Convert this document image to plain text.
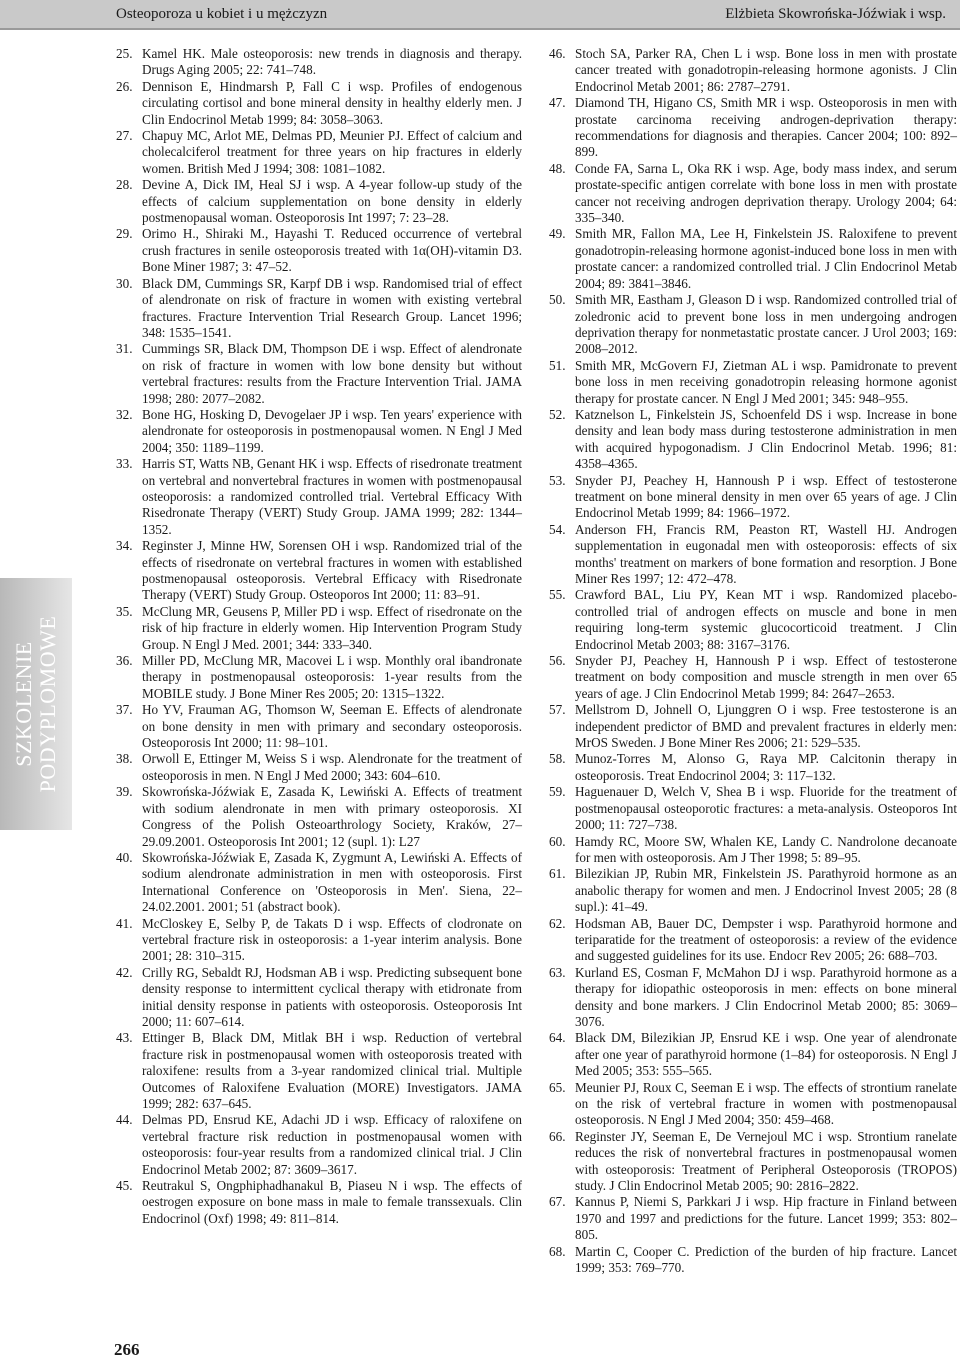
Osteoporoza u kobiet i u mężczyzn	Elżbieta Skowrońska-Jóźwiak i wsp.
SZKOLENIE PODYPLOMOWE
25. Kamel HK. Male osteoporosis: new trends in diagnosis and therapy. Drugs Aging 2005; 22: 741–748.
26. Dennison E, Hindmarsh P, Fall C i wsp. Profiles of endogenous circulating cortisol and bone mineral density in healthy elderly men. J Clin Endocrinol Metab 1999; 84: 3058–3063.
27. Chapuy MC, Arlot ME, Delmas PD, Meunier PJ. Effect of calcium and cholecalciferol treatment for three years on hip fractures in elderly women. British Med J 1994; 308: 1081–1082.
28. Devine A, Dick IM, Heal SJ i wsp. A 4-year follow-up study of the effects of calcium supplementation on bone density in elderly postmenopausal woman. Osteoporosis Int 1997; 7: 23–28.
29. Orimo H., Shiraki M., Hayashi T. Reduced occurrence of vertebral crush fractures in senile osteoporosis treated with 1α(OH)-vitamin D3. Bone Miner 1987; 3: 47–52.
30. Black DM, Cummings SR, Karpf DB i wsp. Randomised trial of effect of alendronate on risk of fracture in women with existing vertebral fractures. Fracture Intervention Trial Research Group. Lancet 1996; 348: 1535–1541.
31. Cummings SR, Black DM, Thompson DE i wsp. Effect of alendronate on risk of fracture in women with low bone density but without vertebral fractures: results from the Fracture Intervention Trial. JAMA 1998; 280: 2077–2082.
32. Bone HG, Hosking D, Devogelaer JP i wsp. Ten years' experience with alendronate for osteoporosis in postmenopausal women. N Engl J Med 2004; 350: 1189–1199.
33. Harris ST, Watts NB, Genant HK i wsp. Effects of risedronate treatment on vertebral and nonvertebral fractures in women with postmenopausal osteoporosis: a randomized controlled trial. Vertebral Efficacy With Risedronate Therapy (VERT) Study Group. JAMA 1999; 282: 1344–1352.
34. Reginster J, Minne HW, Sorensen OH i wsp. Randomized trial of the effects of risedronate on vertebral fractures in women with established postmenopausal osteoporosis. Vertebral Efficacy with Risedronate Therapy (VERT) Study Group. Osteoporos Int 2000; 11: 83–91.
35. McClung MR, Geusens P, Miller PD i wsp. Effect of risedronate on the risk of hip fracture in elderly women. Hip Intervention Program Study Group. N Engl J Med. 2001; 344: 333–340.
36. Miller PD, McClung MR, Macovei L i wsp. Monthly oral ibandronate therapy in postmenopausal osteoporosis: 1-year results from the MOBILE study. J Bone Miner Res 2005; 20: 1315–1322.
37. Ho YV, Frauman AG, Thomson W, Seeman E. Effects of alendronate on bone density in men with primary and secondary osteoporosis. Osteoporosis Int 2000; 11: 98–101.
38. Orwoll E, Ettinger M, Weiss S i wsp. Alendronate for the treatment of osteoporosis in men. N Engl J Med 2000; 343: 604–610.
39. Skowrońska-Jóźwiak E, Zasada K, Lewiński A. Effects of treatment with sodium alendronate in men with primary osteoporosis. XI Congress of the Polish Osteoarthrology Society, Kraków, 27–29.09.2001. Osteoporosis Int 2001; 12 (supl. 1): L27
40. Skowrońska-Jóźwiak E, Zasada K, Zygmunt A, Lewiński A. Effects of sodium alendronate administration in men with osteoporosis. First International Conference on 'Osteoporosis in Men'. Siena, 22–24.02.2001. 2001; 51 (abstract book).
41. McCloskey E, Selby P, de Takats D i wsp. Effects of clodronate on vertebral fracture risk in osteoporosis: a 1-year interim analysis. Bone 2001; 28: 310–315.
42. Crilly RG, Sebaldt RJ, Hodsman AB i wsp. Predicting subsequent bone density response to intermittent cyclical therapy with etidronate from initial density response in patients with osteoporosis. Osteoporosis Int 2000; 11: 607–614.
43. Ettinger B, Black DM, Mitlak BH i wsp. Reduction of vertebral fracture risk in postmenopausal women with osteoporosis treated with raloxifene: results from a 3-year randomized clinical trial. Multiple Outcomes of Raloxifene Evaluation (MORE) Investigators. JAMA 1999; 282: 637–645.
44. Delmas PD, Ensrud KE, Adachi JD i wsp. Efficacy of raloxifene on vertebral fracture risk reduction in postmenopausal women with osteoporosis: four-year results from a randomized clinical trial. J Clin Endocrinol Metab 2002; 87: 3609–3617.
45. Reutrakul S, Ongphiphadhanakul B, Piaseu N i wsp. The effects of oestrogen exposure on bone mass in male to female transsexuals. Clin Endocrinol (Oxf) 1998; 49: 811–814.
46. Stoch SA, Parker RA, Chen L i wsp. Bone loss in men with prostate cancer treated with gonadotropin-releasing hormone agonists. J Clin Endocrinol Metab 2001; 86: 2787–2791.
47. Diamond TH, Higano CS, Smith MR i wsp. Osteoporosis in men with prostate carcinoma receiving androgen-deprivation therapy: recommendations for diagnosis and therapies. Cancer 2004; 100: 892–899.
48. Conde FA, Sarna L, Oka RK i wsp. Age, body mass index, and serum prostate-specific antigen correlate with bone loss in men with prostate cancer not receiving androgen deprivation therapy. Urology 2004; 64: 335–340.
49. Smith MR, Fallon MA, Lee H, Finkelstein JS. Raloxifene to prevent gonadotropin-releasing hormone agonist-induced bone loss in men with prostate cancer: a randomized controlled trial. J Clin Endocrinol Metab 2004; 89: 3841–3846.
50. Smith MR, Eastham J, Gleason D i wsp. Randomized controlled trial of zoledronic acid to prevent bone loss in men undergoing androgen deprivation therapy for nonmetastatic prostate cancer. J Urol 2003; 169: 2008–2012.
51. Smith MR, McGovern FJ, Zietman AL i wsp. Pamidronate to prevent bone loss in men receiving gonadotropin releasing hormone agonist therapy for prostate cancer. N Engl J Med 2001; 345: 948–955.
52. Katznelson L, Finkelstein JS, Schoenfeld DS i wsp. Increase in bone density and lean body mass during testosterone administration in men with acquired hypogonadism. J Clin Endocrinol Metab. 1996; 81: 4358–4365.
53. Snyder PJ, Peachey H, Hannoush P i wsp. Effect of testosterone treatment on bone mineral density in men over 65 years of age. J Clin Endocrinol Metab 1999; 84: 1966–1972.
54. Anderson FH, Francis RM, Peaston RT, Wastell HJ. Androgen supplementation in eugonadal men with osteoporosis: effects of six months' treatment on markers of bone formation and resorption. J Bone Miner Res 1997; 12: 472–478.
55. Crawford BAL, Liu PY, Kean MT i wsp. Randomized placebo-controlled trial of androgen effects on muscle and bone in men requiring long-term systemic glucocorticoid treatment. J Clin Endocrinol Metab 2003; 88: 3167–3176.
56. Snyder PJ, Peachey H, Hannoush P i wsp. Effect of testosterone treatment on body composition and muscle strength in men over 65 years of age. J Clin Endocrinol Metab 1999; 84: 2647–2653.
57. Mellstrom D, Johnell O, Ljunggren O i wsp. Free testosterone is an independent predictor of BMD and prevalent fractures in elderly men: MrOS Sweden. J Bone Miner Res 2006; 21: 529–535.
58. Munoz-Torres M, Alonso G, Raya MP. Calcitonin therapy in osteoporosis. Treat Endocrinol 2004; 3: 117–132.
59. Haguenauer D, Welch V, Shea B i wsp. Fluoride for the treatment of postmenopausal osteoporotic fractures: a meta-analysis. Osteoporos Int 2000; 11: 727–738.
60. Hamdy RC, Moore SW, Whalen KE, Landy C. Nandrolone decanoate for men with osteoporosis. Am J Ther 1998; 5: 89–95.
61. Bilezikian JP, Rubin MR, Finkelstein JS. Parathyroid hormone as an anabolic therapy for women and men. J Endocrinol Invest 2005; 28 (8 supl.): 41–49.
62. Hodsman AB, Bauer DC, Dempster i wsp. Parathyroid hormone and teriparatide for the treatment of osteoporosis: a review of the evidence and suggested guidelines for its use. Endocr Rev 2005; 26: 688–703.
63. Kurland ES, Cosman F, McMahon DJ i wsp. Parathyroid hormone as a therapy for idiopathic osteoporosis in men: effects on bone mineral density and bone markers. J Clin Endocrinol Metab 2000; 85: 3069–3076.
64. Black DM, Bilezikian JP, Ensrud KE i wsp. One year of alendronate after one year of parathyroid hormone (1–84) for osteoporosis. N Engl J Med 2005; 353: 555–565.
65. Meunier PJ, Roux C, Seeman E i wsp. The effects of strontium ranelate on the risk of vertebral fracture in women with postmenopausal osteoporosis. N Engl J Med 2004; 350: 459–468.
66. Reginster JY, Seeman E, De Vernejoul MC i wsp. Strontium ranelate reduces the risk of nonvertebral fractures in postmenopausal women with osteoporosis: Treatment of Peripheral Osteoporosis (TROPOS) study. J Clin Endocrinol Metab 2005; 90: 2816–2822.
67. Kannus P, Niemi S, Parkkari J i wsp. Hip fracture in Finland between 1970 and 1997 and predictions for the future. Lancet 1999; 353: 802–805.
68. Martin C, Cooper C. Prediction of the burden of hip fracture. Lancet 1999; 353: 769–770.
266
